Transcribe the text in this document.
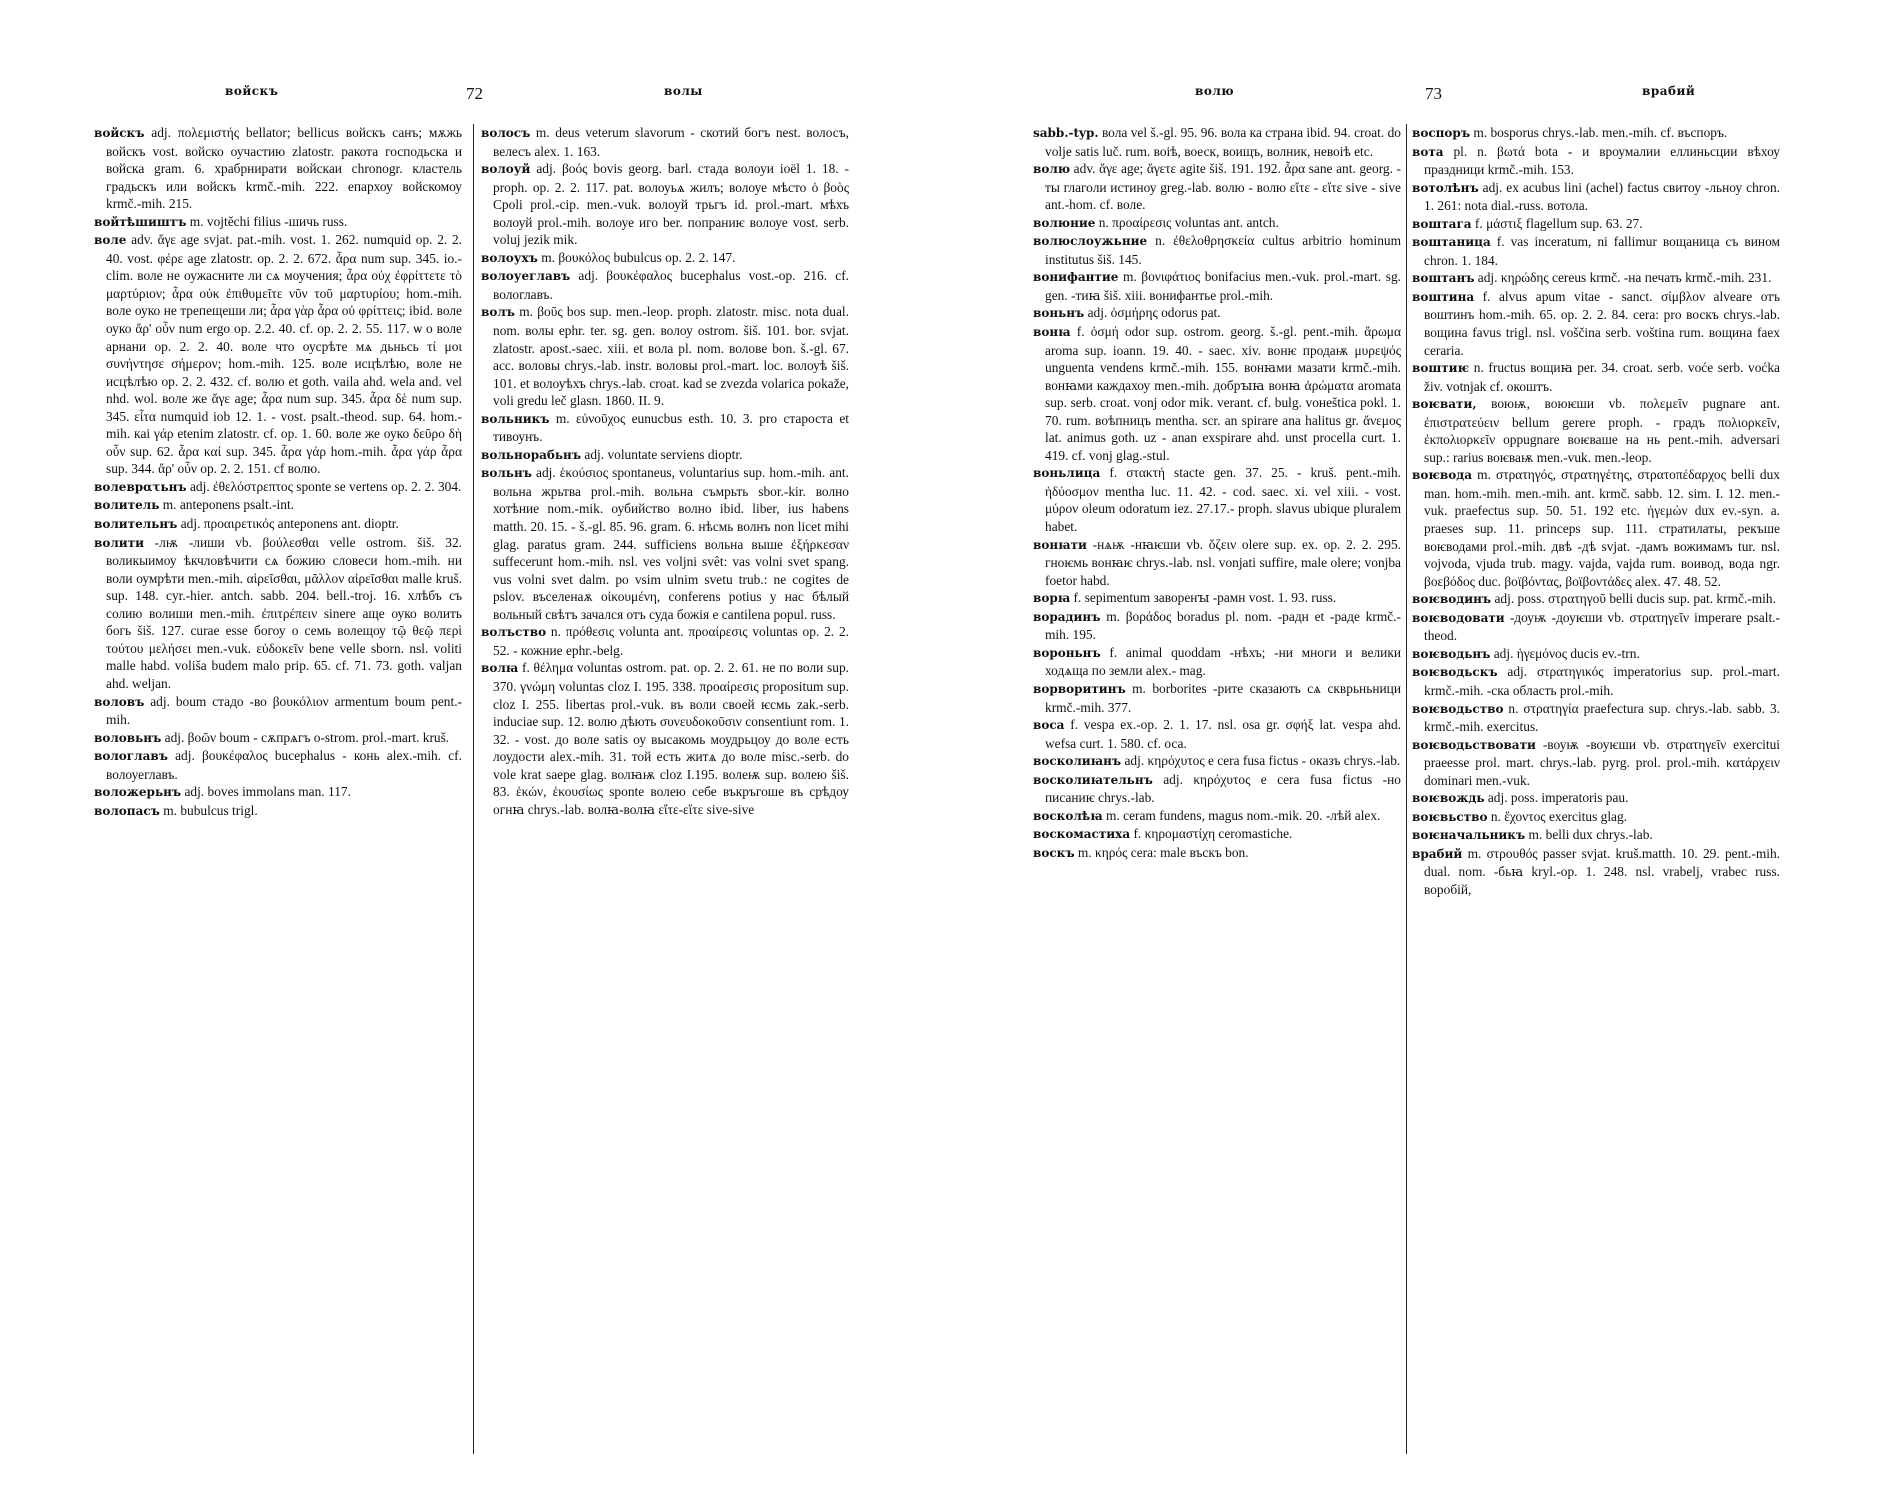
войскъ	72	волы

войскъ adj. πολεμιστής bellator; bellicus войскъ санъ; мѫжь войскъ vost. войско оучастию zlatostr. ракота господьска и войска gram. 6. храбрнирати войскаи chronogr. кластель градьскъ или войскъ krmč.-mih. 222. епархоу войскомоу krmč.-mih. 215.

войтѣшиштъ m. vojtěchi filius -шичь russ.

воле adv. ἄγε age svjat. pat.-mih. vost. 1. 262. numquid op. 2. 2. 40. vost. φέρε age zlatostr. op. 2. 2. 672. ἆρα num sup. 345. io.-clim. воле не оужасните ли сѧ моучения; ἆρα οὐχ ἐφρίττετε τὸ μαρτύριον; ἆρα οὐκ ἐπιθυμεῖτε νῦν τοῦ μαρτυρίου; hom.-mih. воле оуко не трепещеши ли; ἆρα γὰρ ἆρα οὐ φρίττεις; ibid. воле оуко ἄρ' οὖν num ergo op. 2.2. 40. cf. op. 2. 2. 55. 117. ѡ о воле арнани op. 2. 2. 40. воле что оусрѣте мѧ дьньсь τί μοι συνήντησε σήμερον; hom.-mih. 125. воле исцѣлѣю, воле не исцѣлѣю op. 2. 2. 432. cf. волю et goth. vaila ahd. wela and. vel nhd. wol. воле же ἄγε age; ἆρα num sup. 345. ἆρα δὲ num sup. 345. εἶτα numquid iob 12. 1. - vost. psalt.-theod. sup. 64. hom.-mih. кai γάρ etenim zlatostr. cf. op. 1. 60. воле же оуко δεῦρο δὴ οὖν sup. 62. ἆρα καί sup. 345. ἆρα γάρ hom.-mih. ἆρα γάρ ἆρα sup. 344. ἄρ' οὖν op. 2. 2. 151. cf волю.

волеврατьнъ adj. ἐθελόστρεπτος sponte se vertens op. 2. 2. 304.

волитель m. anteponens psalt.-int.

волительнъ adj. προαιρετικός anteponens ant. dioptr.

волити -лѭ -лиши vb. βούλεσθαι velle ostrom. šiš. 32. воликыимоу ѣкчловѣчити сѧ божию словеси hom.-mih. ни воли оумрѣти men.-mih. αἱρεῖσθαι, μᾶλλον αἱρεῖσθαι malle kruš. sup. 148. cyr.-hier. antch. sabb. 204. bell.-troj. 16. хлѣбъ съ солию волиши men.-mih. ἐπιτρέπειν sinere аще оуко волить богь šiš. 127. curae esse богоу о семь волещоу τῷ θεῷ περὶ τούτου μελήσει men.-vuk. εὐδοκεῖν bene velle sborn. nsl. voliti malle habd. voliša budem malo prip. 65. cf. 71. 73. goth. valjan ahd. weljan.

воловъ adj. boum стадо -во βουκόλιον armentum boum pent.-mih.

воловьнъ adj. βοῶν boum - сѫпрѧгъ o-strom. prol.-mart. kruš.

вологлавъ adj. βουκέφαλος bucephalus - конь alex.-mih. cf. волоуеглавъ.

воложерьнъ adj. boves immolans man. 117.

волопасъ m. bubulcus trigl.

волосъ m. deus veterum slavorum - скотий богъ nest. волосъ, велесъ alex. 1. 163.

волоуй adj. βοός bovis georg. barl. стада волоуи ioël 1. 18. - proph. op. 2. 2. 117. pat. волоуьѧ жилъ; волоуе мѣсто ὁ βοὸς Cpoli prol.-cip. men.-vuk. волоуй трьгъ id. prol.-mart. мѣхъ волоуй prol.-mih. волоуе иго ber. попраниѥ волоуе vost. serb. voluj jezik mik.

волоухъ m. βουκόλος bubulcus op. 2. 2. 147.

волоуеглавъ adj. βουκέφαλος bucephalus vost.-op. 216. cf. вологлавъ.

волъ m. βοῦς bos sup. men.-leop. proph. zlatostr. misc. nota dual. nom. волы ephr. ter. sg. gen. волоу ostrom. šiš. 101. bor. svjat. zlatostr. apost.-saec. xiii. et вола pl. nom. волове bon. š.-gl. 67. acc. воловы chrys.-lab. instr. воловы prol.-mart. loc. волоуѣ šiš. 101. et волоуѣхъ chrys.-lab. croat. kad se zvezda volarica pokaže, voli gredu leč glasn. 1860. II. 9.

вольникъ m. εὐνοῦχος eunucbus esth. 10. 3. pro староста et тивоунъ.

вольнорабьнъ adj. voluntate serviens dioptr.

вольнъ adj. ἑκούσιος spontaneus, voluntarius sup. hom.-mih. ant. вольна жрьтва prol.-mih. вольна съмрьть sbor.-kir. волно хотѣние nom.-mik. оубийство волно ibid. liber, ius habens matth. 20. 15. - š.-gl. 85. 96. gram. 6. нѣсмь волнъ non licet mihi glag. paratus gram. 244. sufficiens вольна выше ἐξήρκεσαν suffecerunt hom.-mih. nsl. ves voljni svêt: vas volni svet spang. vus volni svet dalm. po vsim ulnim svetu trub.: ne cogites de pslov. въселенаѫ οἰκουμένη, conferens potius у нас бѣлый вольный свѣтъ зачался отъ суда божія e cantilena popul. russ.

волъство n. πρόθεσις volunta ant. προαίρεσις voluntas op. 2. 2. 52. - кожние ephr.-belg.

волꙗ f. θέλημα voluntas ostrom. pat. op. 2. 2. 61. не по воли sup. 370. γνώμη voluntas cloz I. 195. 338. προαίρεσις propositum sup. cloz I. 255. libertas prol.-vuk. въ воли своей ѥсмь zak.-serb. induciae sup. 12. волю дѣють συνευδοκοῦσιν consentiunt rom. 1. 32. - vost. до воле satis оу высакомь моудрьцоу до воле есть лоудости alex.-mih. 31. той есть житѧ до воле misc.-serb. do vole krat saepe glag. волꙗѭ cloz I.195. волеѭ sup. волею šiš. 83. ἑκών, ἑκουσίως sponte волею себе въкръгоше въ срѣдоу огнꙗ chrys.-lab. волꙗ-волꙗ εἴτε-εἴτε sive-sive

волю	73	врабий

sabb.-typ. вола vel š.-gl. 95. 96. вола ка страна ibid. 94. croat. do volje satis luč. rum. воіѣ, воеск, воищъ, волник, невоіѣ etc.

волю adv. ἄγε age; ἄγετε agite šiš. 191. 192. ἆρα sane ant. georg. - ты глаголи истиноу greg.-lab. волю - волю εἴτε - εἴτε sive - sive ant.-hom. cf. воле.

волюние n. προαίρεσις voluntas ant. antch.

волюслоужьние n. ἐθελοθρησκεία cultus arbitrio hominum institutus šiš. 145.

вонифантие m. βονιφάτιος bonifacius men.-vuk. prol.-mart. sg. gen. -тиꙗ šiš. xiii. вонифантье prol.-mih.

воньнъ adj. ὀσμήρης odorus pat.

вонꙗ f. ὀσμή odor sup. ostrom. georg. š.-gl. pent.-mih. ἄρωμα aroma sup. ioann. 19. 40. - saec. xiv. вонѥ продаѭ μυρεψός unguenta vendens krmč.-mih. 155. вонꙗми мазати krmč.-mih. вонꙗми каждахоу men.-mih. добрꙑꙗ вонꙗ ἀρώματα aromata sup. serb. croat. vonj odor mik. verant. cf. bulg. vонeštica pokl. 1. 70. rum. воѣпницъ mentha. scr. an spirare ana halitus gr. ἄνεμος lat. animus goth. uz - anan exspirare ahd. unst procella curt. 1. 419. cf. vonj glag.-stul.

воньлица f. στακτή stacte gen. 37. 25. - kruš. pent.-mih. ἡδύοσμον mentha luc. 11. 42. - cod. saec. xi. vel xiii. - vost. μύρον oleum odoratum iez. 27.17.- proph. slavus ubique pluralem habet.

вонꙗти -нѧѭ -нꙗѥши vb. ὄζειν olere sup. ex. op. 2. 2. 295. гноѥмь вонꙗѥ chrys.-lab. nsl. vonjati suffire, male olere; vonjba foetor habd.

ворꙗ f. sepimentum заворенꙑ -рамн vost. 1. 93. russ.

ворадинъ m. βοράδος boradus pl. nom. -радн et -раде krmč.-mih. 195.

вороньнъ f. animal quoddam -нѣхъ; -ни многи и велики ходѧща по земли alex.- mag.

ворворитинъ m. borborites -рите сказають сѧ скврьньници krmč.-mih. 377.

воса f. vespa ex.-op. 2. 1. 17. nsl. osa gr. σφήξ lat. vespa ahd. wefsa curt. 1. 580. cf. оса.

восколиꙗнъ adj. κηρόχυτος e cera fusa fictus - оказъ chrys.-lab.

восколиꙗтельнъ adj. κηρόχυτος e cera fusa fictus -но писаниѥ chrys.-lab.

восколѣꙗ m. ceram fundens, magus nom.-mik. 20. -лѣй alex.

воскомастиха f. κηρομαστίχη ceromastiche.

воскъ m. κηρός cera: male въскъ bon.

воспоръ m. bosporus chrys.-lab. men.-mih. cf. въспоръ.

вота pl. n. βωτά bota - и вроумалии еллиньсции вѣхоу праздници krmč.-mih. 153.

вотолѣнъ adj. ex acubus lini (achel) factus свитоу -льноу chron. 1. 261: nota dial.-russ. вотола.

воштага f. μάστιξ flagellum sup. 63. 27.

воштаница f. vas inceratum, ni fallimur вощаница съ вином chron. 1. 184.

воштанъ adj. κηρώδης cereus krmč. -на печать krmč.-mih. 231.

воштина f. alvus apum vitae - sanct. σίμβλον alveare отъ воштинъ hom.-mih. 65. op. 2. 2. 84. cera: pro воскъ chrys.-lab. вощина favus trigl. nsl. voščina serb. voština rum. вощина faex ceraria.

воштиѥ n. fructus вощиꙗ per. 34. croat. serb. voće serb. voćka živ. votnjak cf. окоштъ.

воѥвати, воюѭ, воюѥши vb. πολεμεῖν pugnare ant. ἐπιστρατεύειν bellum gerere proph. - градъ πολιορκεῖν, ἐκπολιορκεῖν oppugnare воѥваше на нь pent.-mih. adversari sup.: rarius воѥваѭ men.-vuk. men.-leop.

воѥвода m. στρατηγός, στρατηγέτης, στρατοπέδαρχος belli dux man. hom.-mih. men.-mih. ant. krmč. sabb. 12. sim. I. 12. men.-vuk. praefectus sup. 50. 51. 192 etc. ἡγεμών dux ev.-syn. a. praeses sup. 11. princeps sup. 111. стратилаты, рекъше воѥводами prol.-mih. двѣ -дѣ svjat. -дамъ вожимамъ tur. nsl. vojvoda, vjuda trub. magy. vajda, vajda rum. воивод, вода ngr. βοεβόδος duc. βοϊβόντας, βοϊβοντάδες alex. 47. 48. 52.

воѥводинъ adj. poss. στρατηγοῦ belli ducis sup. pat. krmč.-mih.

воѥводовати -доуѭ -доуѥши vb. στρατηγεῖν imperare psalt.-theod.

воѥводьнъ adj. ἡγεμόνος ducis ev.-trn.

воѥводьскъ adj. στρατηγικός imperatorius sup. prol.-mart. krmč.-mih. -ска область prol.-mih.

воѥводьство n. στρατηγία praefectura sup. chrys.-lab. sabb. 3. krmč.-mih. exercitus.

воѥводьствовати -воуѭ -воуѥши vb. στρατηγεῖν exercitui praeesse prol. mart. chrys.-lab. pyrg. prol. prol.-mih. κατάρχειν dominari men.-vuk.

воѥвождь adj. poss. imperatoris pau.

воѥвьство n. ἔχοντος exercitus glag.

воѥначальникъ m. belli dux chrys.-lab.

врабий m. στρουθός passer svjat. kruš.matth. 10. 29. pent.-mih. dual. nom. -бьꙗ kryl.-op. 1. 248. nsl. vrabelj, vrabec russ. воробій,
